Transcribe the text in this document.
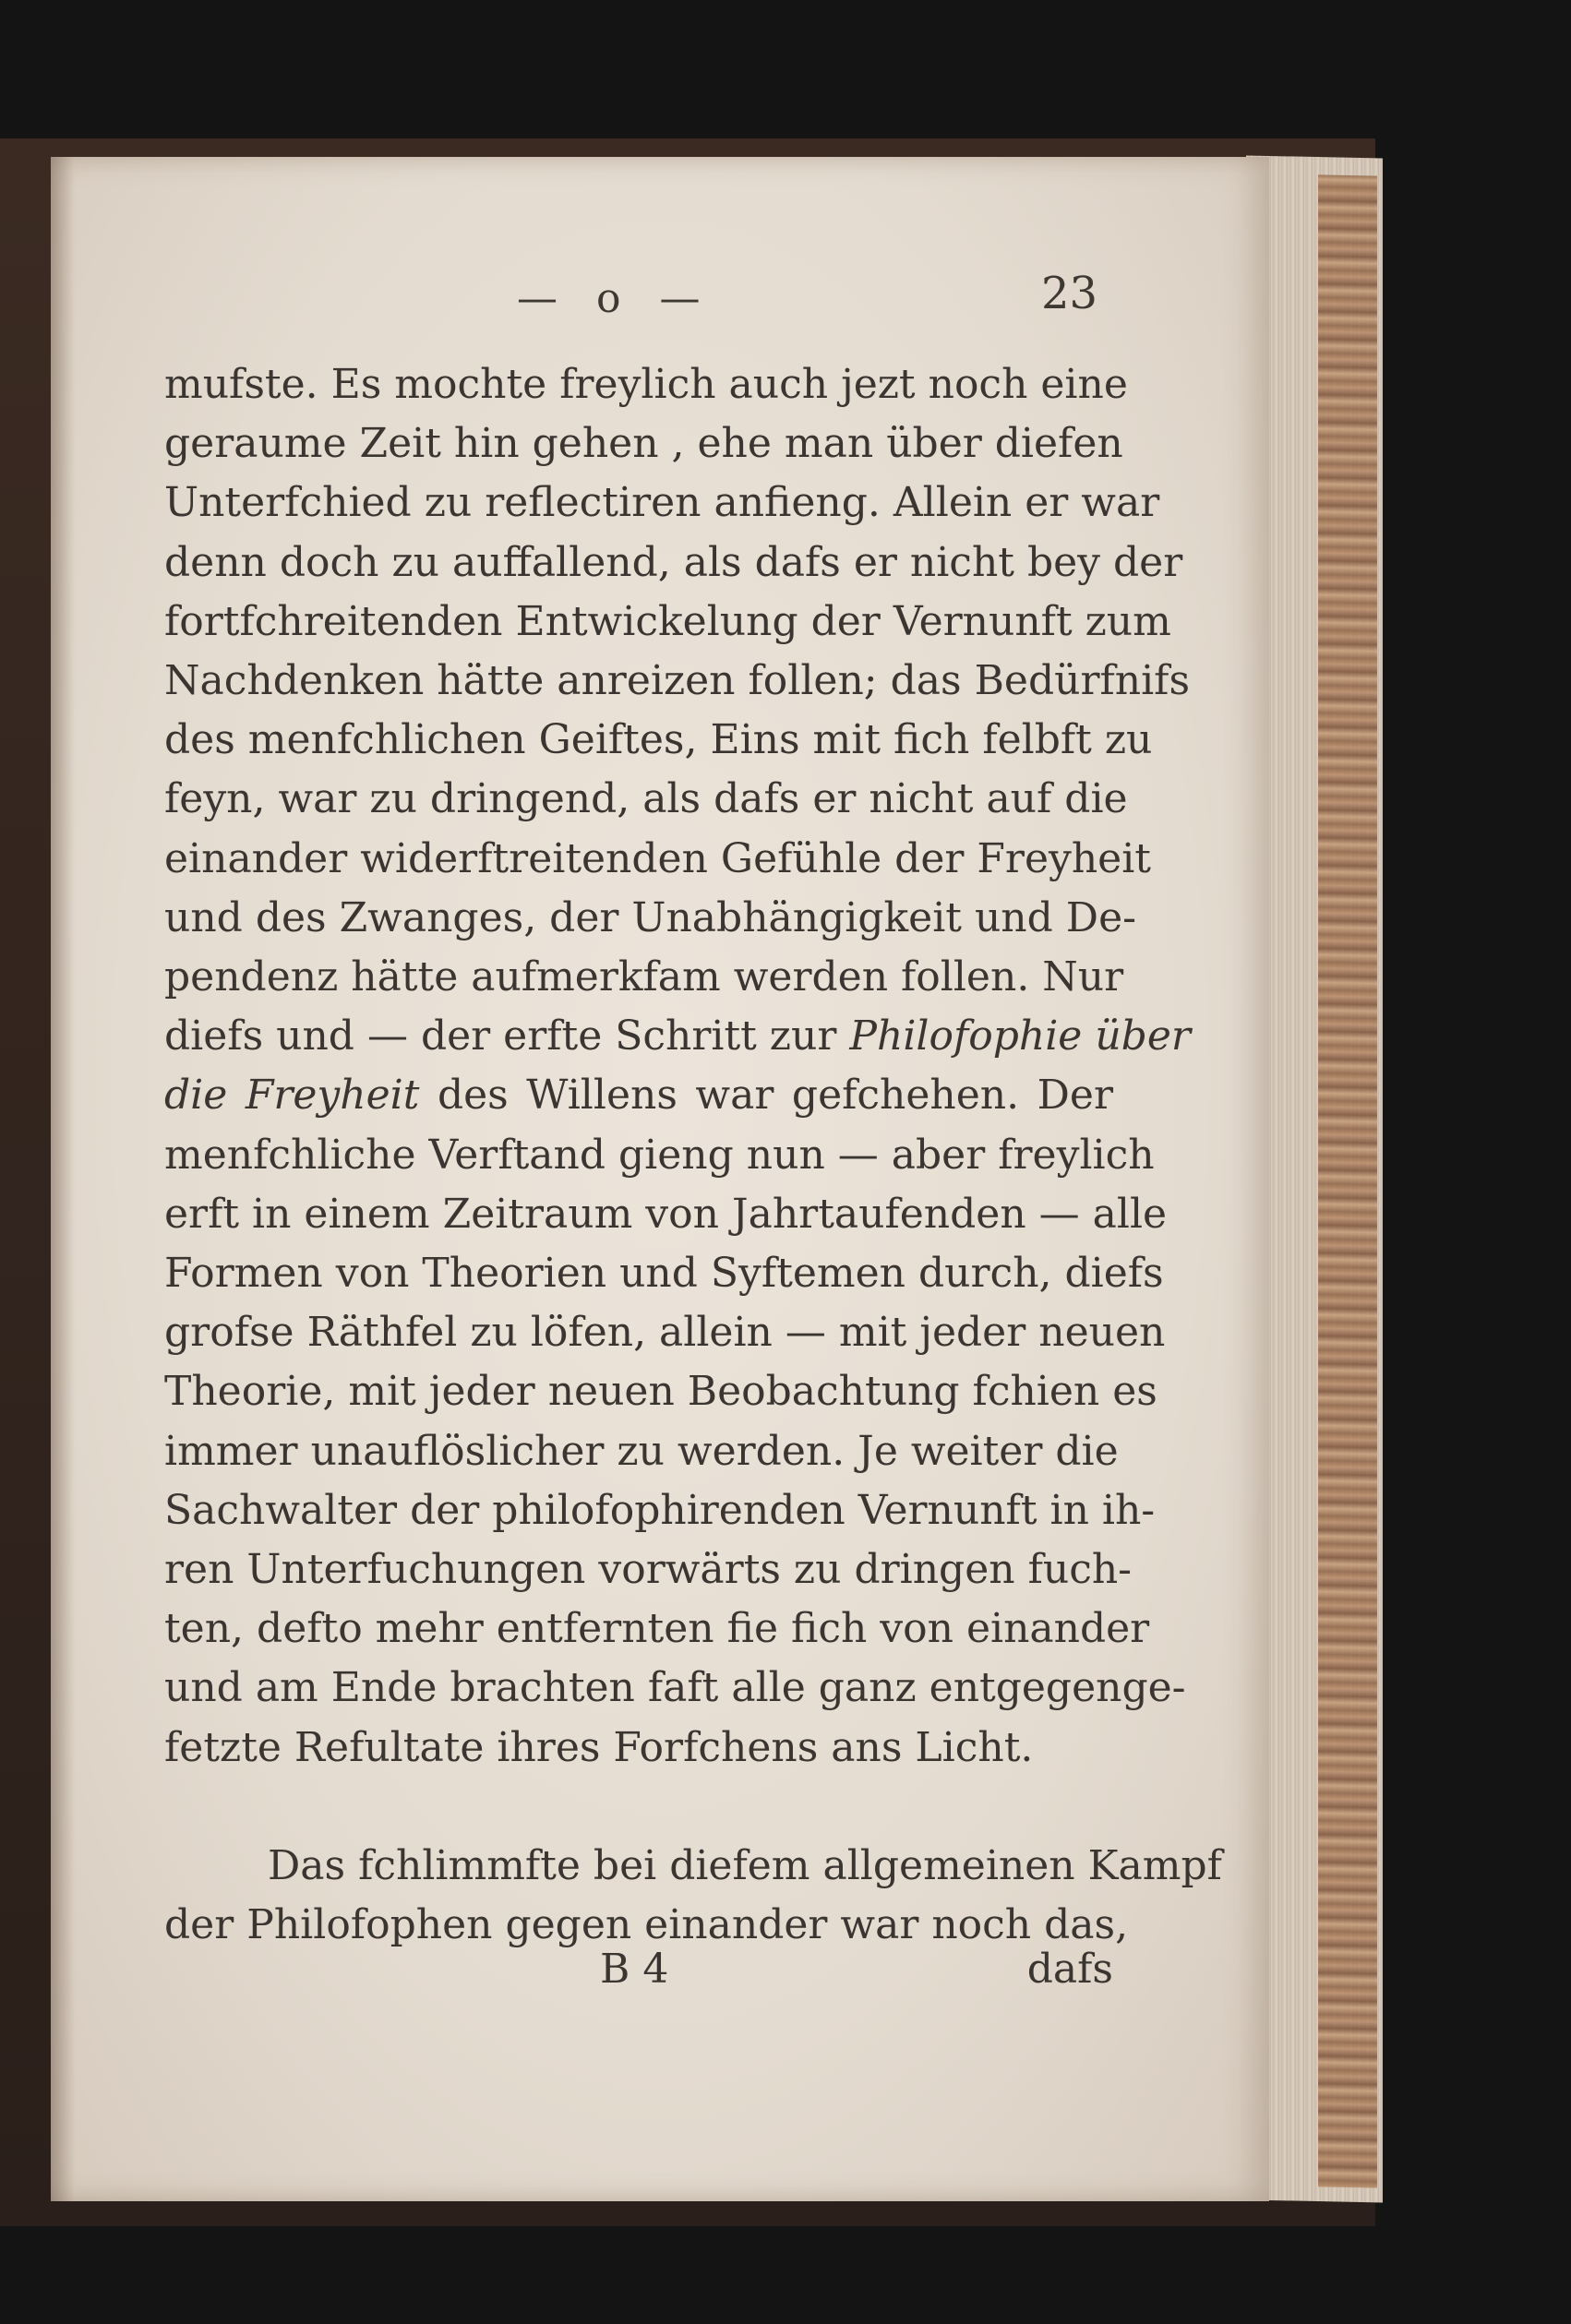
— o —	23
mufste. Es mochte freylich auch jezt noch eine
geraume Zeit hin gehen , ehe man über diefen
Unterfchied zu reflectiren anfieng. Allein er war
denn doch zu auffallend, als dafs er nicht bey der
fortfchreitenden Entwickelung der Vernunft zum
Nachdenken hätte anreizen follen; das Bedürfnifs
des menfchlichen Geiftes, Eins mit fich felbft zu
feyn, war zu dringend, als dafs er nicht auf die
einander widerftreitenden Gefühle der Freyheit
und des Zwanges, der Unabhängigkeit und De-
pendenz hätte aufmerkfam werden follen. Nur
diefs und — der erfte Schritt zur Philofophie über
die Freyheit des Willens war gefchehen. Der
menfchliche Verftand gieng nun — aber freylich
erft in einem Zeitraum von Jahrtaufenden — alle
Formen von Theorien und Syftemen durch, diefs
grofse Räthfel zu löfen, allein — mit jeder neuen
Theorie, mit jeder neuen Beobachtung fchien es
immer unauflöslicher zu werden. Je weiter die
Sachwalter der philofophirenden Vernunft in ih-
ren Unterfuchungen vorwärts zu dringen fuch-
ten, defto mehr entfernten fie fich von einander
und am Ende brachten faft alle ganz entgegenge-
fetzte Refultate ihres Forfchens ans Licht.
Das fchlimmfte bei diefem allgemeinen Kampf
der Philofophen gegen einander war noch das,
B 4	dafs
